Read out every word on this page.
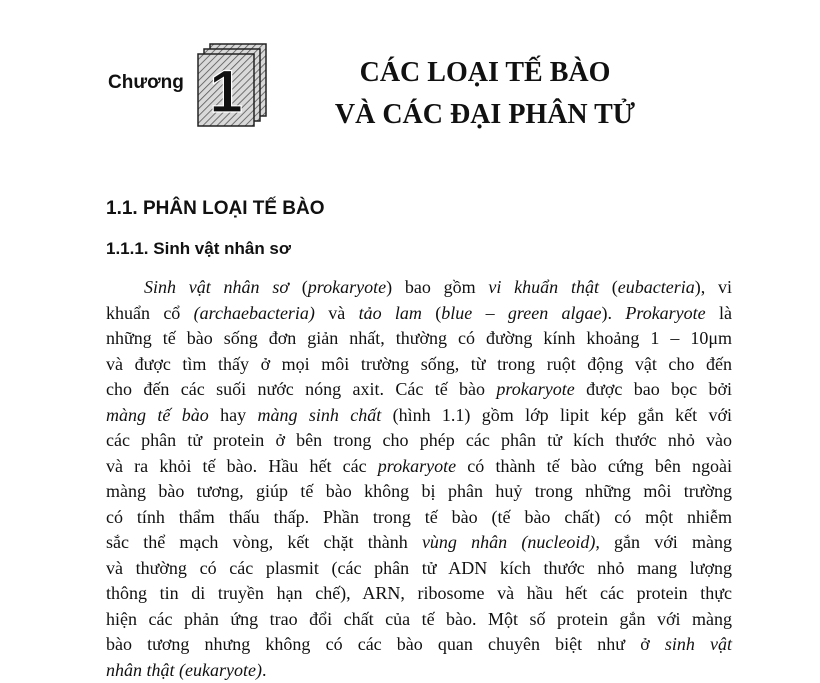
Chương 1	CÁC LOẠI TẾ BÀO
VÀ CÁC ĐẠI PHÂN TỬ
1.1. PHÂN LOẠI TẾ BÀO
1.1.1. Sinh vật nhân sơ
Sinh vật nhân sơ (prokaryote) bao gồm vi khuẩn thật (eubacteria), vi
khuẩn cổ (archaebacteria) và tảo lam (blue – green algae). Prokaryote là
những tế bào sống đơn giản nhất, thường có đường kính khoảng 1 – 10μm
và được tìm thấy ở mọi môi trường sống, từ trong ruột động vật cho đến
cho đến các suối nước nóng axit. Các tế bào prokaryote được bao bọc bởi
màng tế bào hay màng sinh chất (hình 1.1) gồm lớp lipit kép gắn kết với
các phân tử protein ở bên trong cho phép các phân tử kích thước nhỏ vào
và ra khỏi tế bào. Hầu hết các prokaryote có thành tế bào cứng bên ngoài
màng bào tương, giúp tế bào không bị phân huỷ trong những môi trường
có tính thẩm thấu thấp. Phần trong tế bào (tế bào chất) có một nhiễm
sắc thể mạch vòng, kết chặt thành vùng nhân (nucleoid), gắn với màng
và thường có các plasmit (các phân tử ADN kích thước nhỏ mang lượng
thông tin di truyền hạn chế), ARN, ribosome và hầu hết các protein thực
hiện các phản ứng trao đổi chất của tế bào. Một số protein gắn với màng
bào tương nhưng không có các bào quan chuyên biệt như ở sinh vật
nhân thật (eukaryote).
